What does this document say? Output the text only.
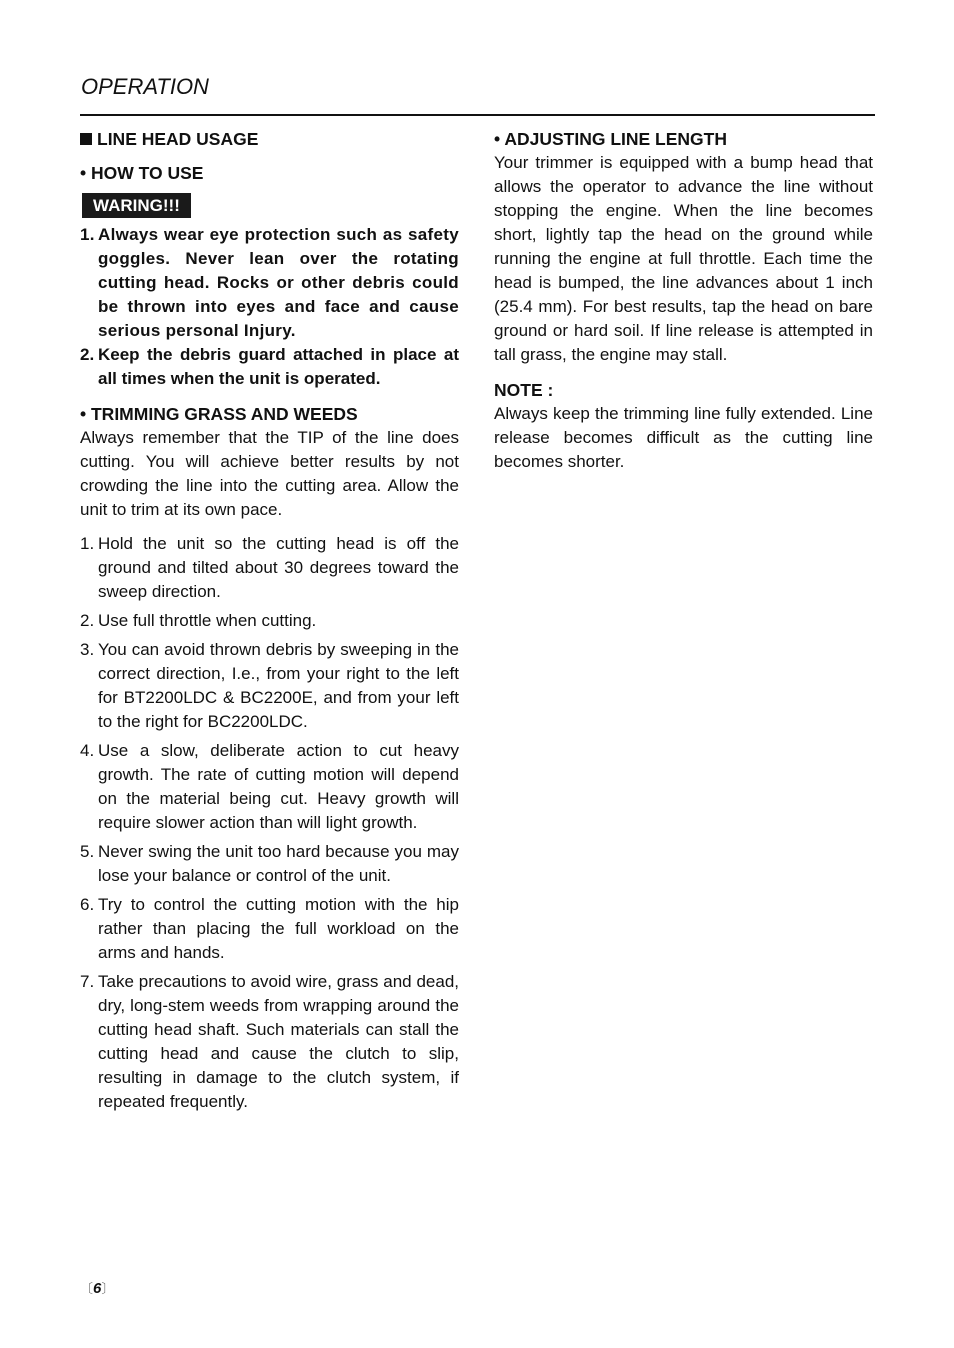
OPERATION
LINE HEAD USAGE
• HOW TO USE
WARING!!!
1. Always wear eye protection such as safety goggles. Never lean over the rotating cutting head. Rocks or other debris could be thrown into eyes and face and cause serious personal Injury.
2. Keep the debris guard attached in place at all times when the unit is operated.
• TRIMMING GRASS AND WEEDS
Always remember that the TIP of the line does cutting. You will achieve better results by not crowding the line into the cutting area. Allow the unit to trim at its own pace.
1. Hold the unit so the cutting head is off the ground and tilted about 30 degrees toward the sweep direction.
2. Use full throttle when cutting.
3. You can avoid thrown debris by sweeping in the correct direction, I.e., from your right to the left for BT2200LDC & BC2200E, and from your left to the right for BC2200LDC.
4. Use a slow, deliberate action to cut heavy growth. The rate of cutting motion will depend on the material being cut. Heavy growth will require slower action than will light growth.
5. Never swing the unit too hard because you may lose your balance or control of the unit.
6. Try to control the cutting motion with the hip rather than placing the full workload on the arms and hands.
7. Take precautions to avoid wire, grass and dead, dry, long-stem weeds from wrapping around the cutting head shaft. Such materials can stall the cutting head and cause the clutch to slip, resulting in damage to the clutch system, if repeated frequently.
• ADJUSTING LINE LENGTH
Your trimmer is equipped with a bump head that allows the operator to advance the line without stopping the engine. When the line becomes short, lightly tap the head on the ground while running the engine at full throttle. Each time the head is bumped, the line advances about 1 inch (25.4 mm). For best results, tap the head on bare ground or hard soil. If line release is attempted in tall grass, the engine may stall.
NOTE :
Always keep the trimming line fully extended. Line release becomes difficult as the cutting line becomes shorter.
〔6〕
